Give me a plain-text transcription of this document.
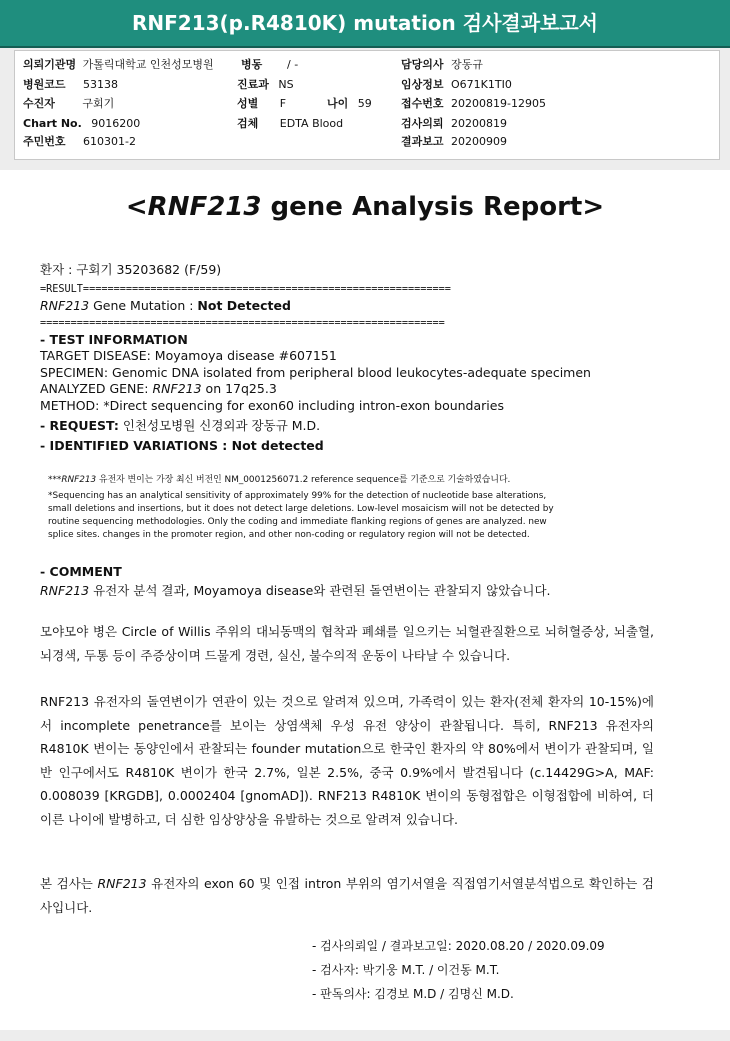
RNF213(p.R4810K) mutation 검사결과보고서
의뢰기관명 가톨릭대학교 인천성모병원 병동 / -	담당의사 장동규
병원코드 53138	진료과 NS	임상정보 O671K1TI0
수진자	구회기	성별 F	나이 59	접수번호 20200819-12905
Chart No. 9016200	검체 EDTA Blood	검사의뢰 20200819
주민번호 610301-2	결과보고 20200909
<RNF213 gene Analysis Report>
환자 : 구회기 35203682 (F/59)
=RESULT============================================================
RNF213 Gene Mutation : Not Detected
==================================================================
- TEST INFORMATION
TARGET DISEASE: Moyamoya disease #607151
SPECIMEN: Genomic DNA isolated from peripheral blood leukocytes-adequate specimen
ANALYZED GENE: RNF213 on 17q25.3
METHOD: *Direct sequencing for exon60 including intron-exon boundaries
- REQUEST: 인천성모병원 신경외과 장동규 M.D.
- IDENTIFIED VARIATIONS : Not detected
***RNF213 유전자 변이는 가장 최신 버전인 NM_0001256071.2 reference sequence를 기준으로 기술하였습니다.
*Sequencing has an analytical sensitivity of approximately 99% for the detection of nucleotide base alterations,
small deletions and insertions, but it does not detect large deletions. Low-level mosaicism will not be detected by
routine sequencing methodologies. Only the coding and immediate flanking regions of genes are analyzed. new
splice sites. changes in the promoter region, and other non-coding or regulatory region will not be detected.
- COMMENT
RNF213 유전자 분석 결과, Moyamoya disease와 관련된 돌연변이는 관찰되지 않았습니다.

모야모야 병은 Circle of Willis 주위의 대뇌동맥의 협착과 폐쇄를 일으키는 뇌혈관질환으로 뇌허혈증상, 뇌출혈, 뇌경색, 두통 등이 주증상이며 드물게 경련, 실신, 불수의적 운동이 나타날 수 있습니다.

RNF213 유전자의 돌연변이가 연관이 있는 것으로 알려져 있으며, 가족력이 있는 환자(전체 환자의 10-15%)에서 incomplete penetrance를 보이는 상염색체 우성 유전 양상이 관찰됩니다. 특히, RNF213 유전자의 R4810K 변이는 동양인에서 관찰되는 founder mutation으로 한국인 환자의 약 80%에서 변이가 관찰되며, 일반 인구에서도 R4810K 변이가 한국 2.7%, 일본 2.5%, 중국 0.9%에서 발견됩니다 (c.14429G>A, MAF: 0.008039 [KRGDB], 0.0002404 [gnomAD]). RNF213 R4810K 변이의 동형접합은 이형접합에 비하여, 더 이른 나이에 발병하고, 더 심한 임상양상을 유발하는 것으로 알려져 있습니다.

본 검사는 RNF213 유전자의 exon 60 및 인접 intron 부위의 염기서열을 직접염기서열분석법으로 확인하는 검사입니다.

- 검사의뢰일 / 결과보고일: 2020.08.20 / 2020.09.09
- 검사자: 박기웅 M.T. / 이건동 M.T.
- 판독의사: 김경보 M.D / 김명신 M.D.
